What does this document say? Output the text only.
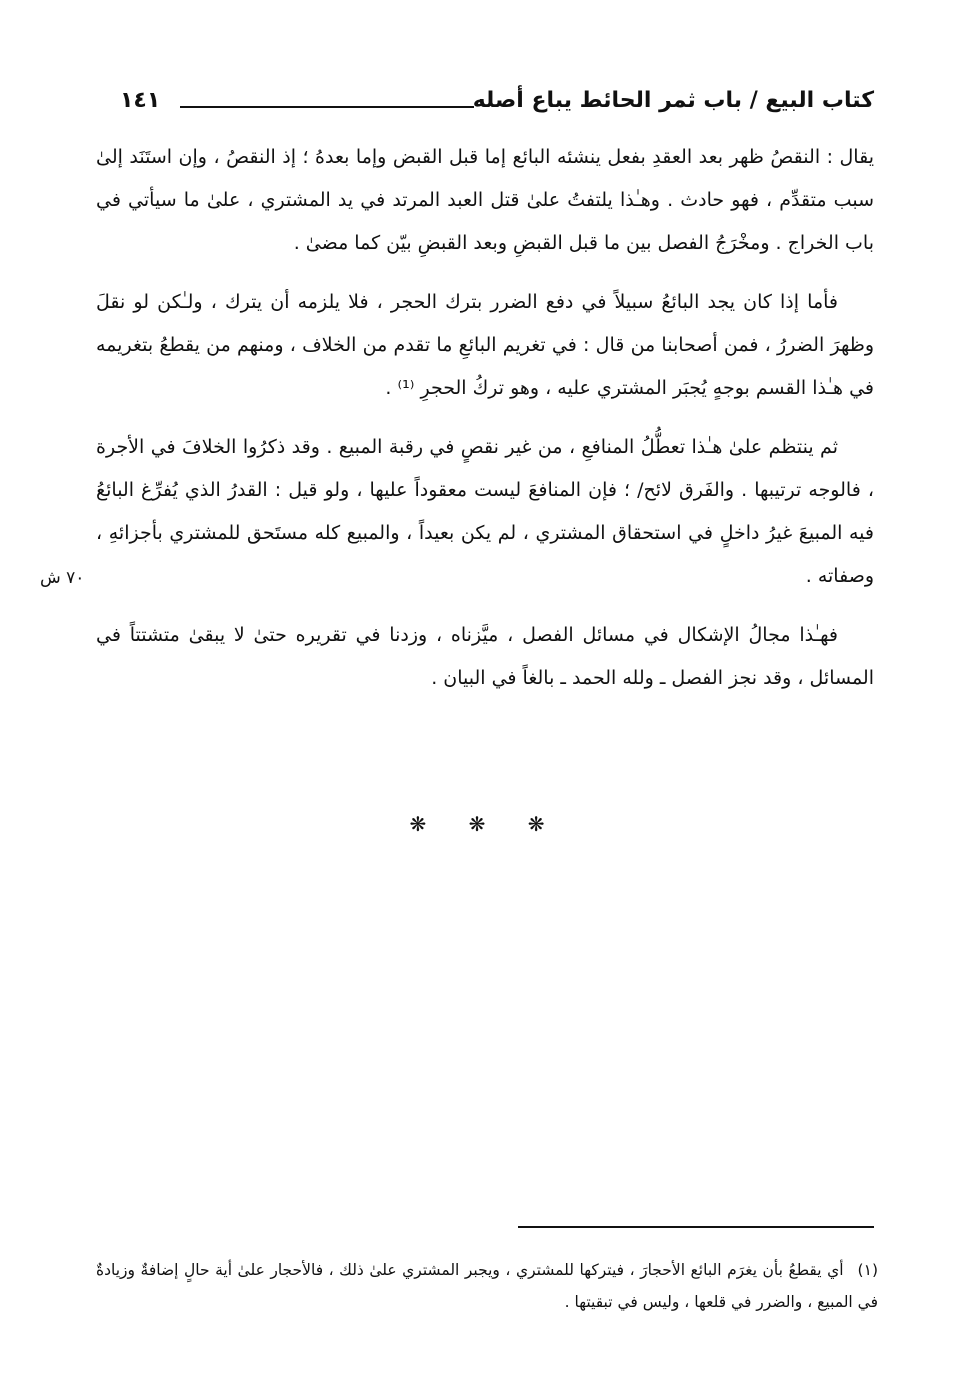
كتاب البيع / باب ثمر الحائط يباع أصله
١٤١

يقال : النقصُ ظهر بعد العقدِ بفعل ينشئه البائع إما قبل القبض وإما بعدهُ ؛ إذ النقصُ ، وإن استَنَد إلىٰ سبب متقدِّم ، فهو حادث . وهـٰذا يلتفتُ علىٰ قتل العبد المرتد في يد المشتري ، علىٰ ما سيأتي في باب الخراج . ومخْرَجُ الفصل بين ما قبل القبضِ وبعد القبضِ بيّن كما مضىٰ .

فأما إذا كان يجد البائعُ سبيلاً في دفع الضرر بترك الحجر ، فلا يلزمه أن يترك ، ولـٰكن لو نقلَ وظهرَ الضررُ ، فمن أصحابنا من قال : في تغريم البائعِ ما تقدم من الخلاف ، ومنهم من يقطعُ بتغريمه في هـٰذا القسم بوجهٍ يُجبَر المشتري عليه ، وهو تركُ الحجرِ ⁽¹⁾ .

ثم ينتظم علىٰ هـٰذا تعطُّلُ المنافعِ ، من غير نقصٍ في رقبة المبيع . وقد ذكرُوا الخلافَ في الأجرة ، فالوجه ترتيبها . والفَرق لائح/ ؛ فإن المنافعَ ليست معقوداً عليها ، ولو قيل : القدرُ الذي يُفرِّغ البائعُ فيه المبيعَ غيرُ داخلٍ في استحقاق المشتري ، لم يكن بعيداً ، والمبيع كله مستَحق للمشتري بأجزائهِ ، وصفاته .

فهـٰذا مجالُ الإشكال في مسائل الفصل ، ميَّزناه ، وزدنا في تقريره حتىٰ لا يبقىٰ متشتتاً في المسائل ، وقد نجز الفصل ـ ولله الحمد ـ بالغاً في البيان .

٧٠ ش
❋ ❋ ❋

(١)أي يقطعُ بأن يغرَم البائع الأحجارَ ، فيتركها للمشتري ، ويجبر المشتري علىٰ ذلك ، فالأحجار علىٰ أية حالٍ إضافةٌ وزيادةٌ في المبيع ، والضرر في قلعها ، وليس في تبقيتها .
